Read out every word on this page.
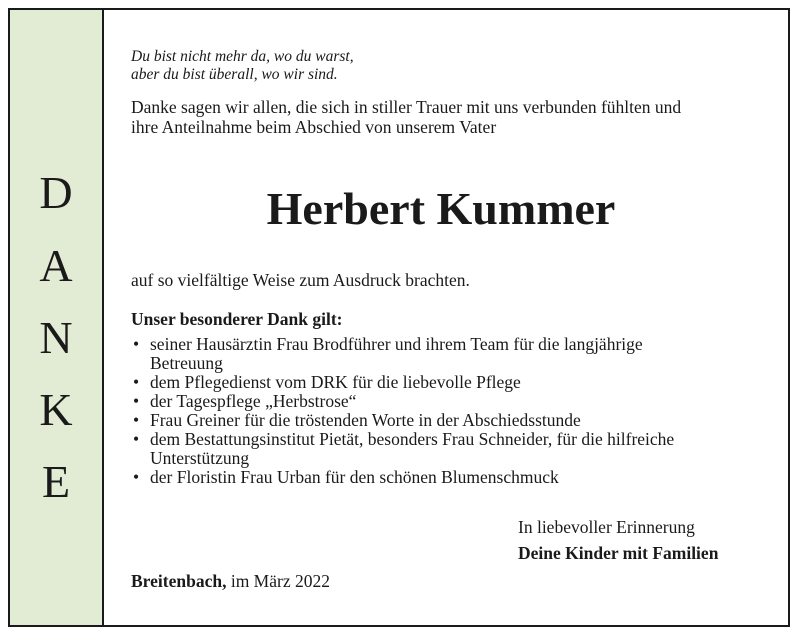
D
A
N
K
E
Du bist nicht mehr da, wo du warst,
aber du bist überall, wo wir sind.
Danke sagen wir allen, die sich in stiller Trauer mit uns verbunden fühlten und
ihre Anteilnahme beim Abschied von unserem Vater
Herbert Kummer
auf so vielfältige Weise zum Ausdruck brachten.
Unser besonderer Dank gilt:
• seiner Hausärztin Frau Brodführer und ihrem Team für die langjährige
Betreuung
• dem Pflegedienst vom DRK für die liebevolle Pflege
• der Tagespflege „Herbstrose“
• Frau Greiner für die tröstenden Worte in der Abschiedsstunde
• dem Bestattungsinstitut Pietät, besonders Frau Schneider, für die hilfreiche
Unterstützung
• der Floristin Frau Urban für den schönen Blumenschmuck
In liebevoller Erinnerung
Deine Kinder mit Familien
Breitenbach, im März 2022
